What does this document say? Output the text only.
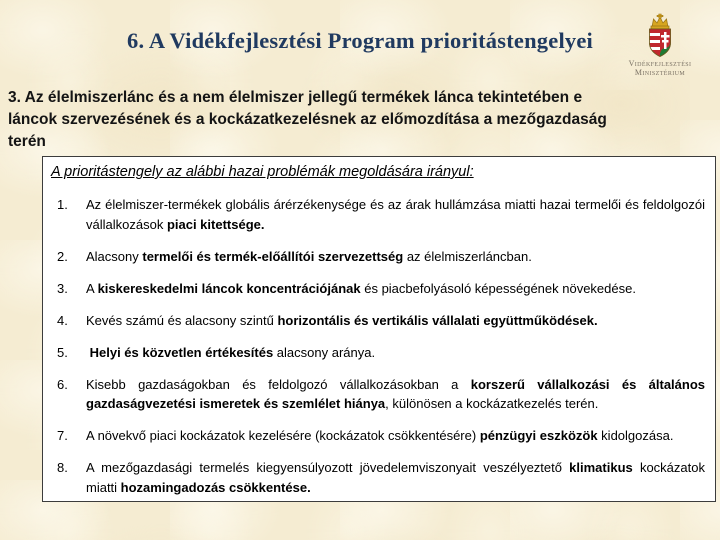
6. A Vidékfejlesztési Program prioritástengelyei
Vidékfejlesztési
Minisztérium
3. Az élelmiszerlánc és a nem élelmiszer jellegű termékek lánca tekintetében e
láncok szervezésének és a kockázatkezelésnek az előmozdítása a mezőgazdaság
terén
A prioritástengely az alábbi hazai problémák megoldására irányul:
1.	Az élelmiszer-termékek globális árérzékenysége és az árak hullámzása miatti hazai termelői és feldolgozói vállalkozások piaci kitettsége.
2.	Alacsony termelői és termék-előállítói szervezettség az élelmiszerláncban.
3.	A kiskereskedelmi láncok koncentrációjának és piacbefolyásoló képességének növekedése.
4.	Kevés számú és alacsony szintű horizontális és vertikális vállalati együttműködések.
5.	Helyi és közvetlen értékesítés alacsony aránya.
6.	Kisebb gazdaságokban és feldolgozó vállalkozásokban a korszerű vállalkozási és általános gazdaságvezetési ismeretek és szemlélet hiánya, különösen a kockázatkezelés terén.
7.	A növekvő piaci kockázatok kezelésére (kockázatok csökkentésére) pénzügyi eszközök kidolgozása.
8.	A mezőgazdasági termelés kiegyensúlyozott jövedelemviszonyait veszélyeztető klimatikus kockázatok miatti hozamingadozás csökkentése.
